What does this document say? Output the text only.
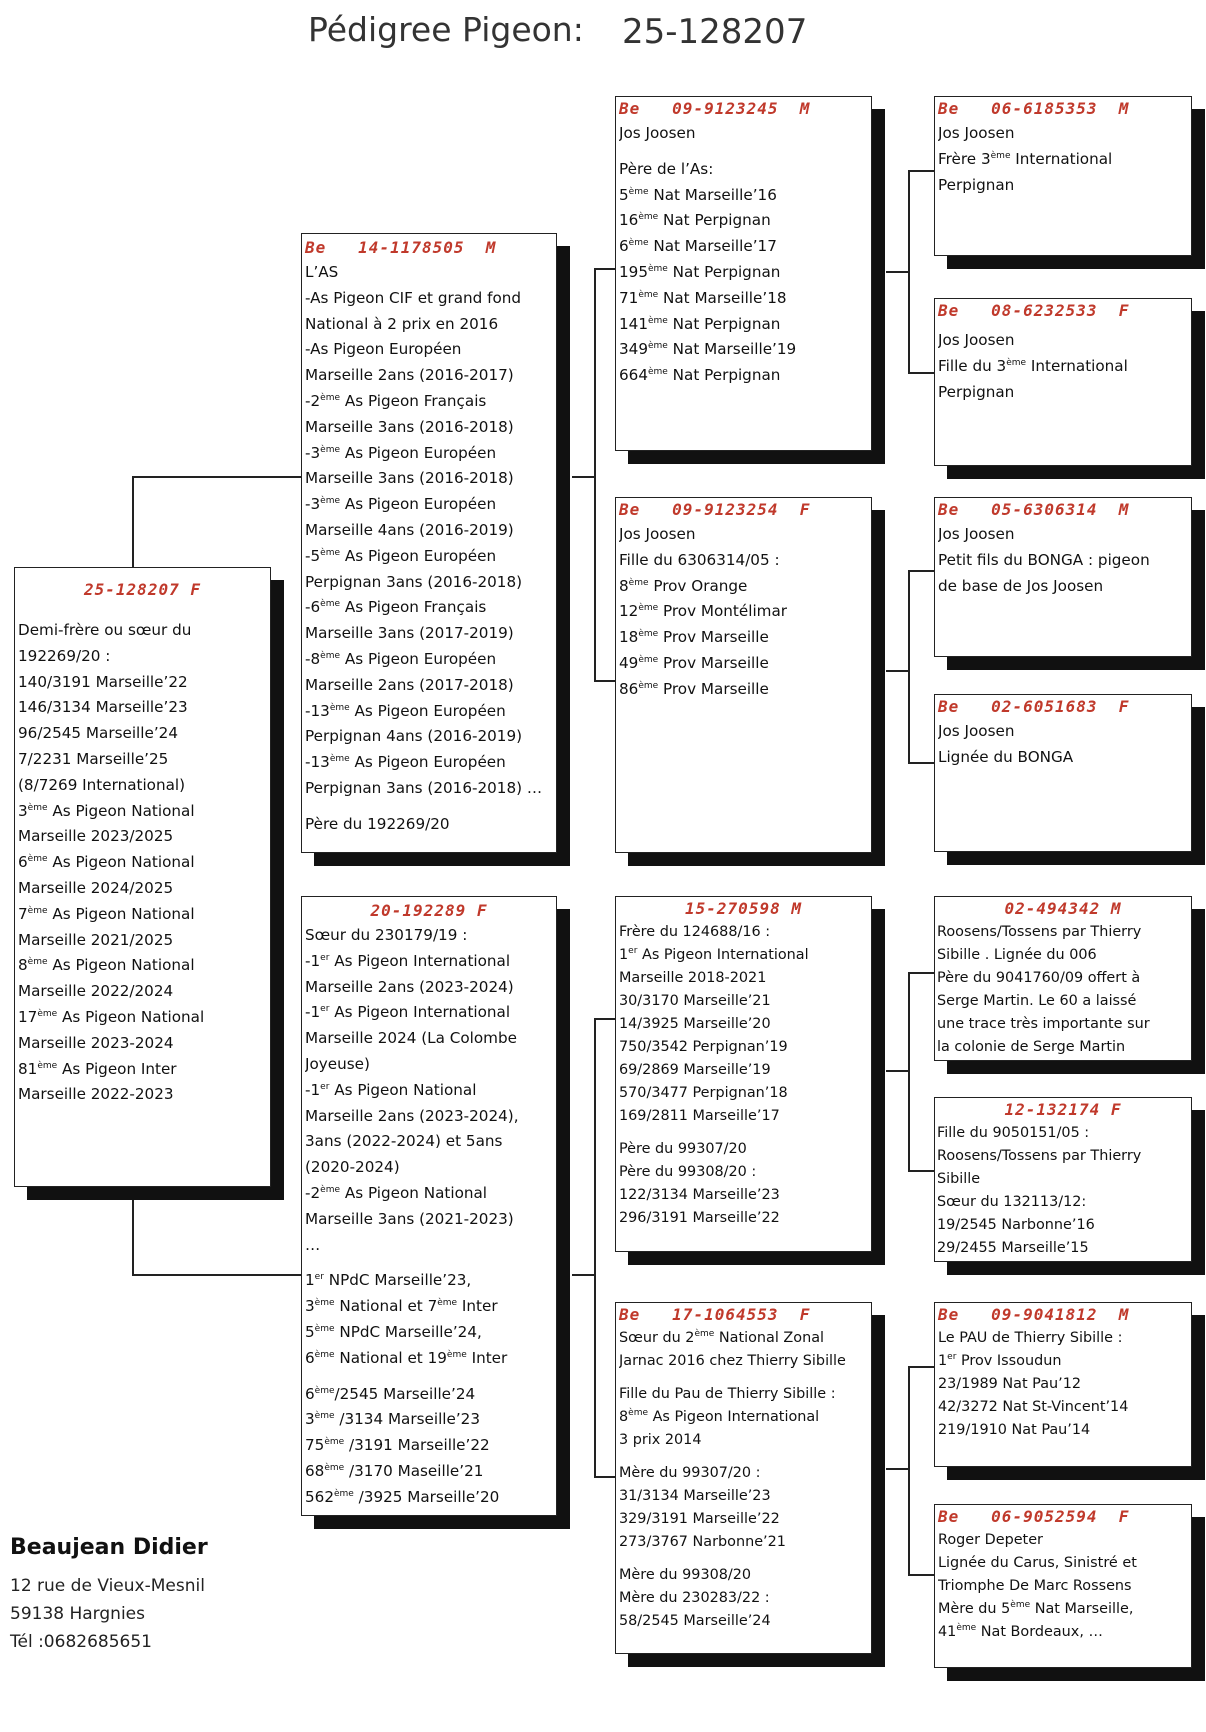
Pédigree Pigeon: 25-128207
25-128207 F
Demi-frère ou sœur du
192269/20 :
140/3191 Marseille’22
146/3134 Marseille’23
96/2545 Marseille’24
7/2231 Marseille’25
(8/7269 International)
3ème As Pigeon National
Marseille 2023/2025
6ème As Pigeon National
Marseille 2024/2025
7ème As Pigeon National
Marseille 2021/2025
8ème As Pigeon National
Marseille 2022/2024
17ème As Pigeon National
Marseille 2023-2024
81ème As Pigeon Inter
Marseille 2022-2023
Be 14-1178505 M
L’AS
-As Pigeon CIF et grand fond
National à 2 prix en 2016
-As Pigeon Européen
Marseille 2ans (2016-2017)
-2ème As Pigeon Français
Marseille 3ans (2016-2018)
-3ème As Pigeon Européen
Marseille 3ans (2016-2018)
-3ème As Pigeon Européen
Marseille 4ans (2016-2019)
-5ème As Pigeon Européen
Perpignan 3ans (2016-2018)
-6ème As Pigeon Français
Marseille 3ans (2017-2019)
-8ème As Pigeon Européen
Marseille 2ans (2017-2018)
-13ème As Pigeon Européen
Perpignan 4ans (2016-2019)
-13ème As Pigeon Européen
Perpignan 3ans (2016-2018) …
Père du 192269/20
20-192289 F
Sœur du 230179/19 :
-1er As Pigeon International
Marseille 2ans (2023-2024)
-1er As Pigeon International
Marseille 2024 (La Colombe
Joyeuse)
-1er As Pigeon National
Marseille 2ans (2023-2024),
3ans (2022-2024) et 5ans
(2020-2024)
-2ème As Pigeon National
Marseille 3ans (2021-2023)
…
1er NPdC Marseille’23,
3ème National et 7ème Inter
5ème NPdC Marseille’24,
6ème National et 19ème Inter
6ème/2545 Marseille’24
3ème /3134 Marseille’23
75ème /3191 Marseille’22
68ème /3170 Maseille’21
562ème /3925 Marseille’20
Be 09-9123245 M
Jos Joosen
Père de l’As:
5ème Nat Marseille’16
16ème Nat Perpignan
6ème Nat Marseille’17
195ème Nat Perpignan
71ème Nat Marseille’18
141ème Nat Perpignan
349ème Nat Marseille’19
664ème Nat Perpignan
Be 09-9123254 F
Jos Joosen
Fille du 6306314/05 :
8ème Prov Orange
12ème Prov Montélimar
18ème Prov Marseille
49ème Prov Marseille
86ème Prov Marseille
15-270598 M
Frère du 124688/16 :
1er As Pigeon International
Marseille 2018-2021
30/3170 Marseille’21
14/3925 Marseille’20
750/3542 Perpignan’19
69/2869 Marseille’19
570/3477 Perpignan’18
169/2811 Marseille’17
Père du 99307/20
Père du 99308/20 :
122/3134 Marseille’23
296/3191 Marseille’22
Be 17-1064553 F
Sœur du 2ème National Zonal
Jarnac 2016 chez Thierry Sibille
Fille du Pau de Thierry Sibille :
8ème As Pigeon International
3 prix 2014
Mère du 99307/20 :
31/3134 Marseille’23
329/3191 Marseille’22
273/3767 Narbonne’21
Mère du 99308/20
Mère du 230283/22 :
58/2545 Marseille’24
Be 06-6185353 M
Jos Joosen
Frère 3ème International
Perpignan
Be 08-6232533 F
Jos Joosen
Fille du 3ème International
Perpignan
Be 05-6306314 M
Jos Joosen
Petit fils du BONGA : pigeon
de base de Jos Joosen
Be 02-6051683 F
Jos Joosen
Lignée du BONGA
02-494342 M
Roosens/Tossens par Thierry
Sibille . Lignée du 006
Père du 9041760/09 offert à
Serge Martin. Le 60 a laissé
une trace très importante sur
la colonie de Serge Martin
12-132174 F
Fille du 9050151/05 :
Roosens/Tossens par Thierry
Sibille
Sœur du 132113/12:
19/2545 Narbonne’16
29/2455 Marseille’15
Be 09-9041812 M
Le PAU de Thierry Sibille :
1er Prov Issoudun
23/1989 Nat Pau’12
42/3272 Nat St-Vincent’14
219/1910 Nat Pau’14
Be 06-9052594 F
Roger Depeter
Lignée du Carus, Sinistré et
Triomphe De Marc Rossens
Mère du 5ème Nat Marseille,
41ème Nat Bordeaux, …
Beaujean Didier
12 rue de Vieux-Mesnil
59138 Hargnies
Tél :0682685651
